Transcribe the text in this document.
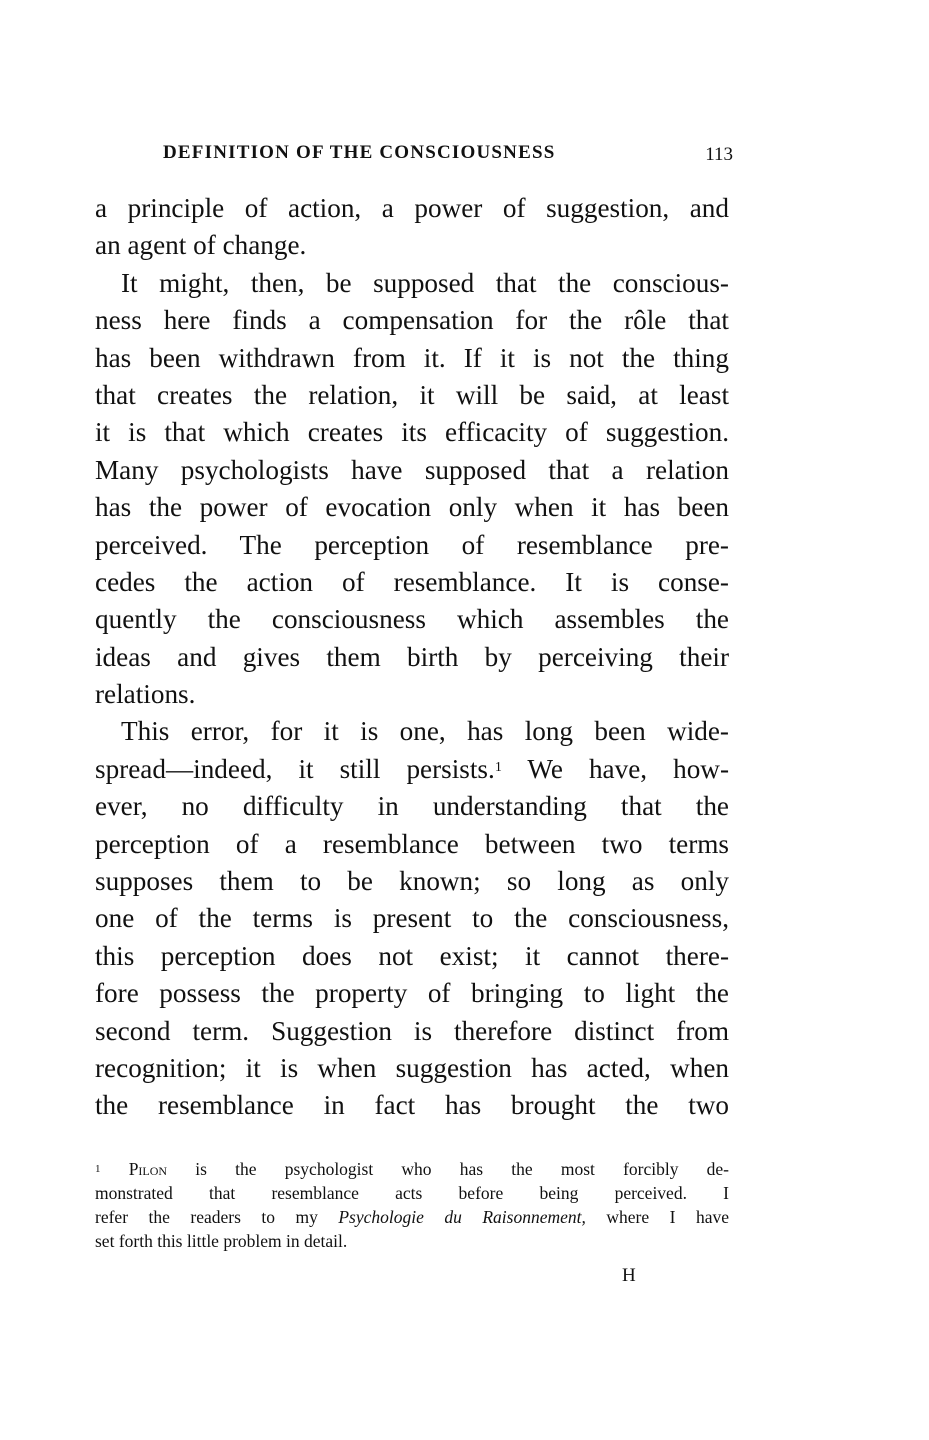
DEFINITION OF THE CONSCIOUSNESS	113
a principle of action, a power of suggestion, and
an agent of change.
It might, then, be supposed that the conscious-
ness here finds a compensation for the rôle that
has been withdrawn from it. If it is not the thing
that creates the relation, it will be said, at least
it is that which creates its efficacity of suggestion.
Many psychologists have supposed that a relation
has the power of evocation only when it has been
perceived. The perception of resemblance pre-
cedes the action of resemblance. It is conse-
quently the consciousness which assembles the
ideas and gives them birth by perceiving their
relations.
This error, for it is one, has long been wide-
spread—indeed, it still persists.$^1$ We have, how-
ever, no difficulty in understanding that the
perception of a resemblance between two terms
supposes them to be known; so long as only
one of the terms is present to the consciousness,
this perception does not exist; it cannot there-
fore possess the property of bringing to light the
second term. Suggestion is therefore distinct from
recognition; it is when suggestion has acted, when
the resemblance in fact has brought the two
$^1$ Pilon is the psychologist who has the most forcibly de-
monstrated that resemblance acts before being perceived. I
refer the readers to my Psychologie du Raisonnement, where I have
set forth this little problem in detail.
H
